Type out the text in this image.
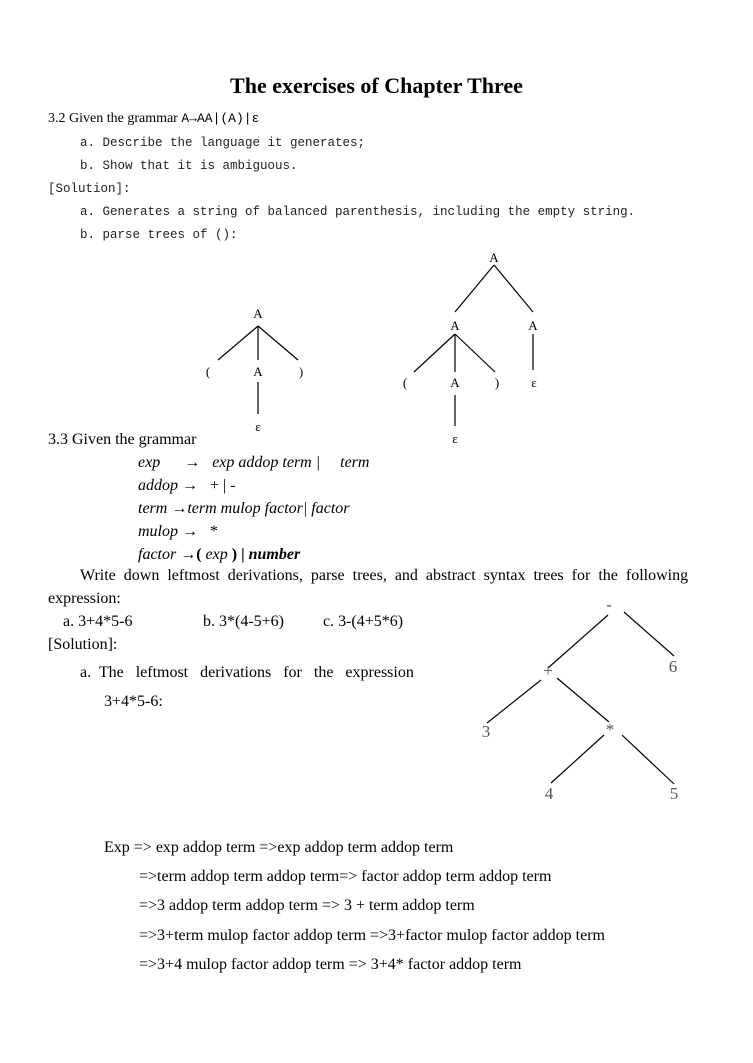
The exercises of Chapter Three
3.2 Given the grammar A→AA|(A)|ε
a. Describe the language it generates;
b. Show that it is ambiguous.
[Solution]:
a. Generates a string of balanced parenthesis, including the empty string.
b. parse trees of ():
A
(	A	)
ε
A
A	A
(	A	) ε
ε
-
+	6
3	*
4	5
3.3 Given the grammar
exp → exp addop term |     term
addop → + | -
term →term mulop factor| factor
mulop → *
factor →( exp ) | number
Write  down  leftmost  derivations,  parse  trees,  and  abstract  syntax  trees  for  the  following
expression:
a. 3+4*5-6	b. 3*(4-5+6) c. 3-(4+5*6)
[Solution]:
a.  The   leftmost   derivations   for   the   expression
3+4*5-6:
Exp => exp addop term =>exp addop term addop term
=>term addop term addop term=> factor addop term addop term
=>3 addop term addop term => 3 + term addop term
=>3+term mulop factor addop term =>3+factor mulop factor addop term
=>3+4 mulop factor addop term => 3+4* factor addop term
